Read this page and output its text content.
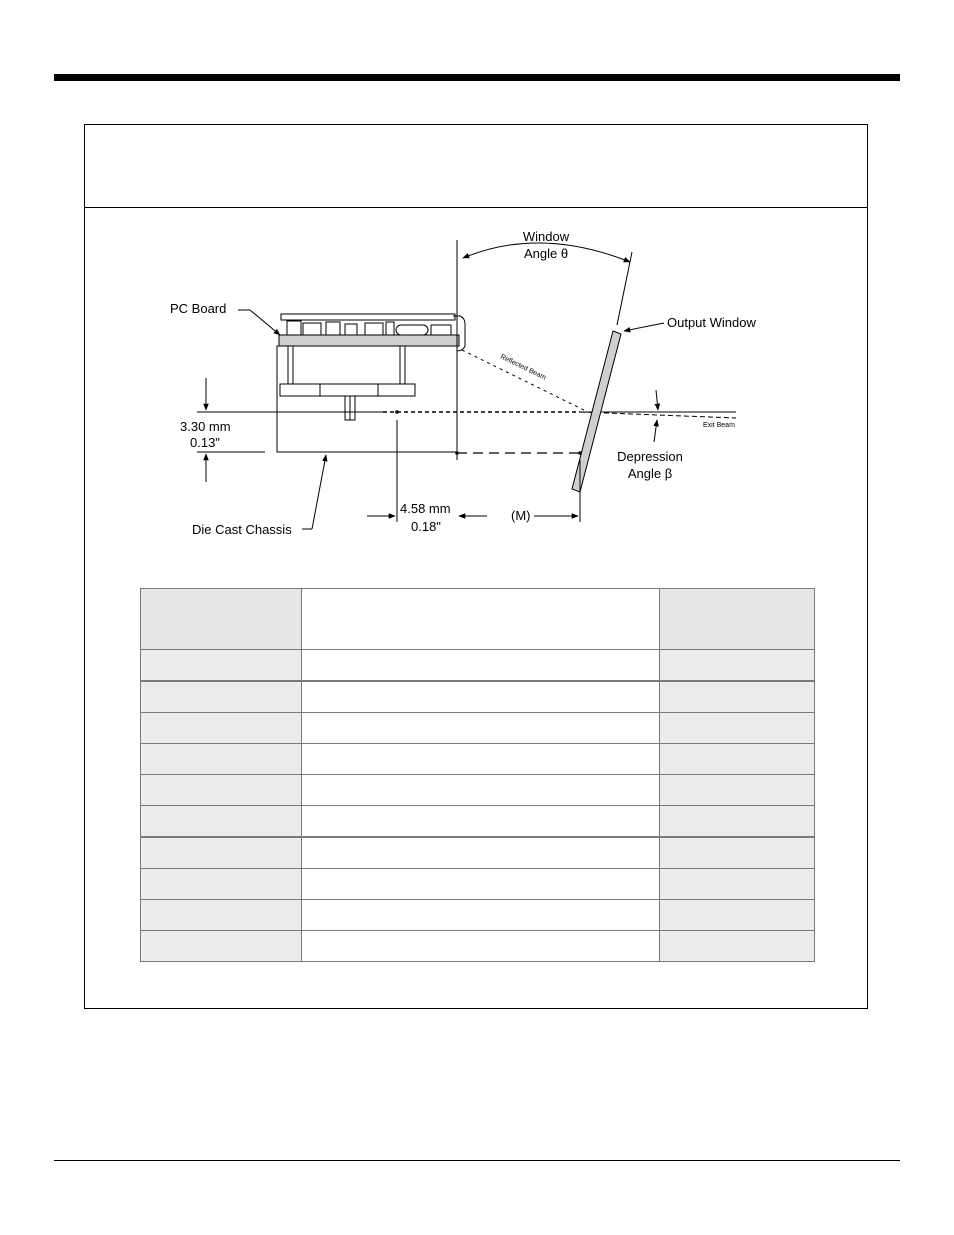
Window
Angle θ
Output Window
PC Board
Reflected Beam
Exit Beam
Depression
Angle β
3.30 mm
0.13"
4.58 mm
0.18"
(M)
Die Cast Chassis
